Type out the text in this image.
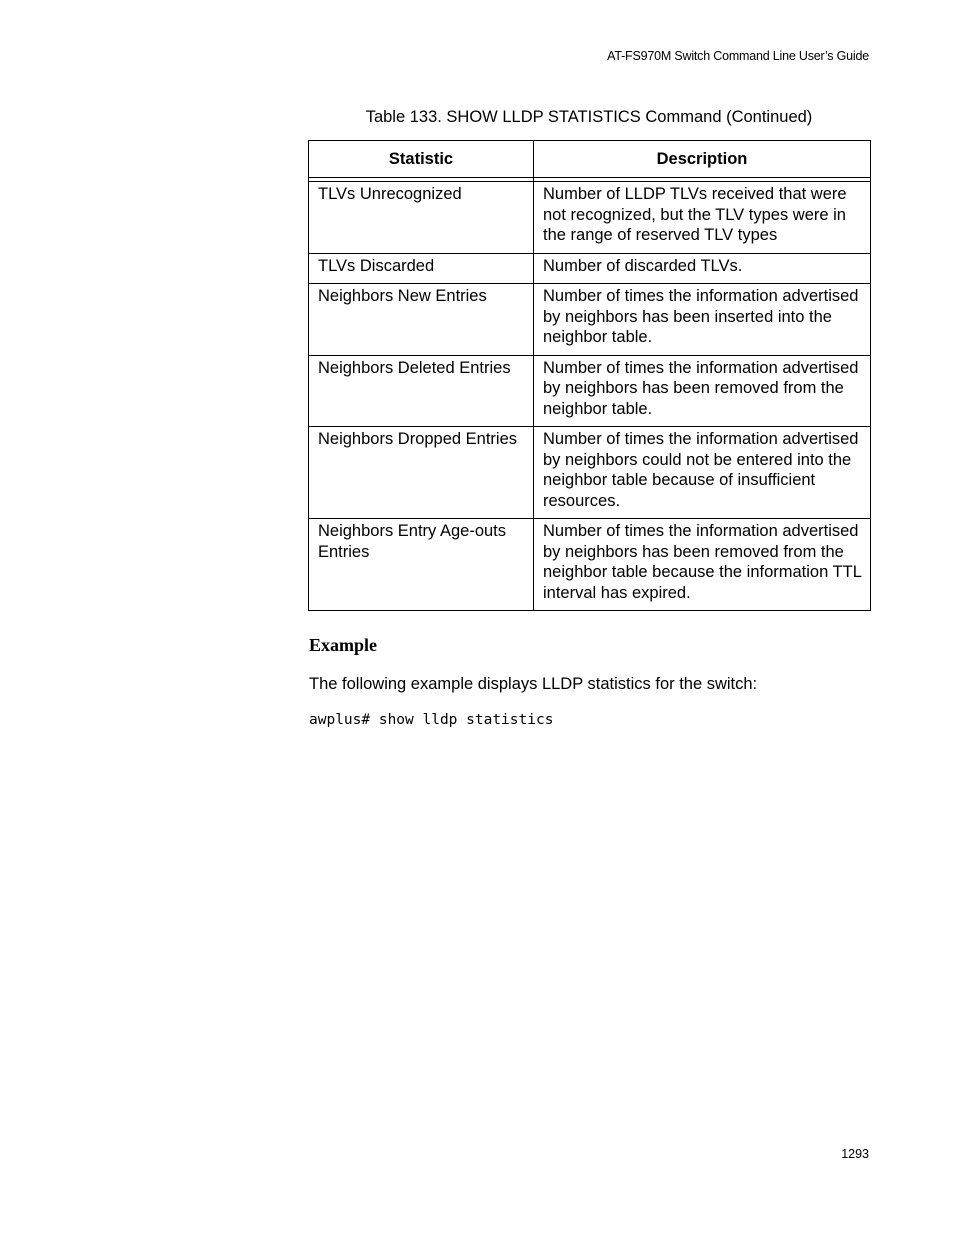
AT-FS970M Switch Command Line User’s Guide
Table 133. SHOW LLDP STATISTICS Command (Continued)
Statistic	Description

TLVs Unrecognized	Number of LLDP TLVs received that were not recognized, but the TLV types were in the range of reserved TLV types
TLVs Discarded	Number of discarded TLVs.
Neighbors New Entries	Number of times the information advertised by neighbors has been inserted into the neighbor table.
Neighbors Deleted Entries	Number of times the information advertised by neighbors has been removed from the neighbor table.
Neighbors Dropped Entries	Number of times the information advertised by neighbors could not be entered into the neighbor table because of insufficient resources.
Neighbors Entry Age-outs Entries	Number of times the information advertised by neighbors has been removed from the neighbor table because the information TTL interval has expired.
Example
The following example displays LLDP statistics for the switch:
awplus# show lldp statistics
1293
